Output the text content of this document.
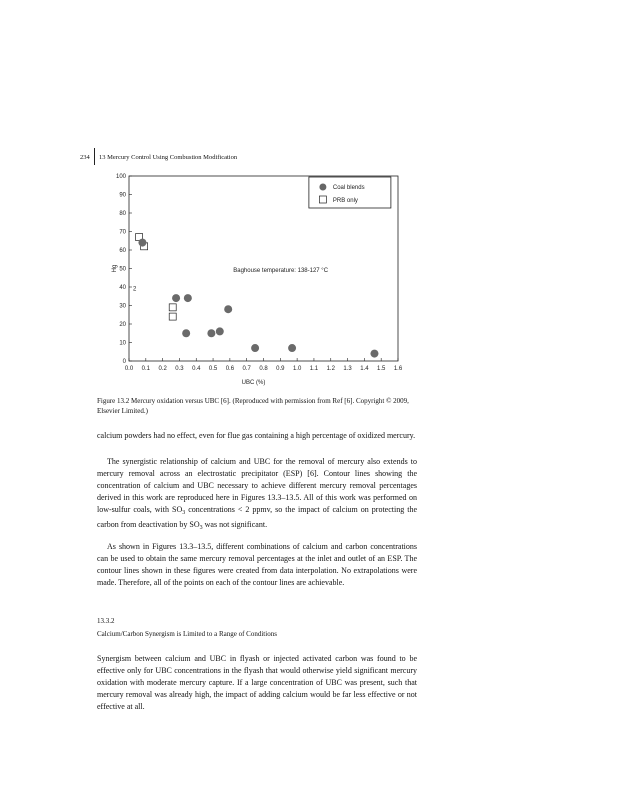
234 13 Mercury Control Using Combustion Modification
0
10
20
30
40
50
60
70
80
90
100
0.0 0.1 0.2 0.3 0.4 0.5 0.6 0.7 0.8 0.9 1.0 1.1 1.2 1.3 1.4 1.5 1.6
UBC (%)
Hg
2
Baghouse temperature: 138-127 °C
Coal blends
PRB only
Figure 13.2 Mercury oxidation versus UBC [6]. (Reproduced with permission from Ref [6]. Copyright © 2009, Elsevier Limited.)

calcium powders had no effect, even for flue gas containing a high percentage of oxidized mercury.

The synergistic relationship of calcium and UBC for the removal of mercury also extends to mercury removal across an electrostatic precipitator (ESP) [6]. Contour lines showing the concentration of calcium and UBC necessary to achieve different mercury removal percentages derived in this work are reproduced here in Figures 13.3–13.5. All of this work was performed on low-sulfur coals, with $SO_3$ concentrations < 2 ppmv, so the impact of calcium on protecting the carbon from deactivation by $SO_3$ was not significant.

As shown in Figures 13.3–13.5, different combinations of calcium and carbon concentrations can be used to obtain the same mercury removal percentages at the inlet and outlet of an ESP. The contour lines shown in these figures were created from data interpolation. No extrapolations were made. Therefore, all of the points on each of the contour lines are achievable.

13.3.2
Calcium/Carbon Synergism is Limited to a Range of Conditions

Synergism between calcium and UBC in flyash or injected activated carbon was found to be effective only for UBC concentrations in the flyash that would otherwise yield significant mercury oxidation with moderate mercury capture. If a large concentration of UBC was present, such that mercury removal was already high, the impact of adding calcium would be far less effective or not effective at all.
